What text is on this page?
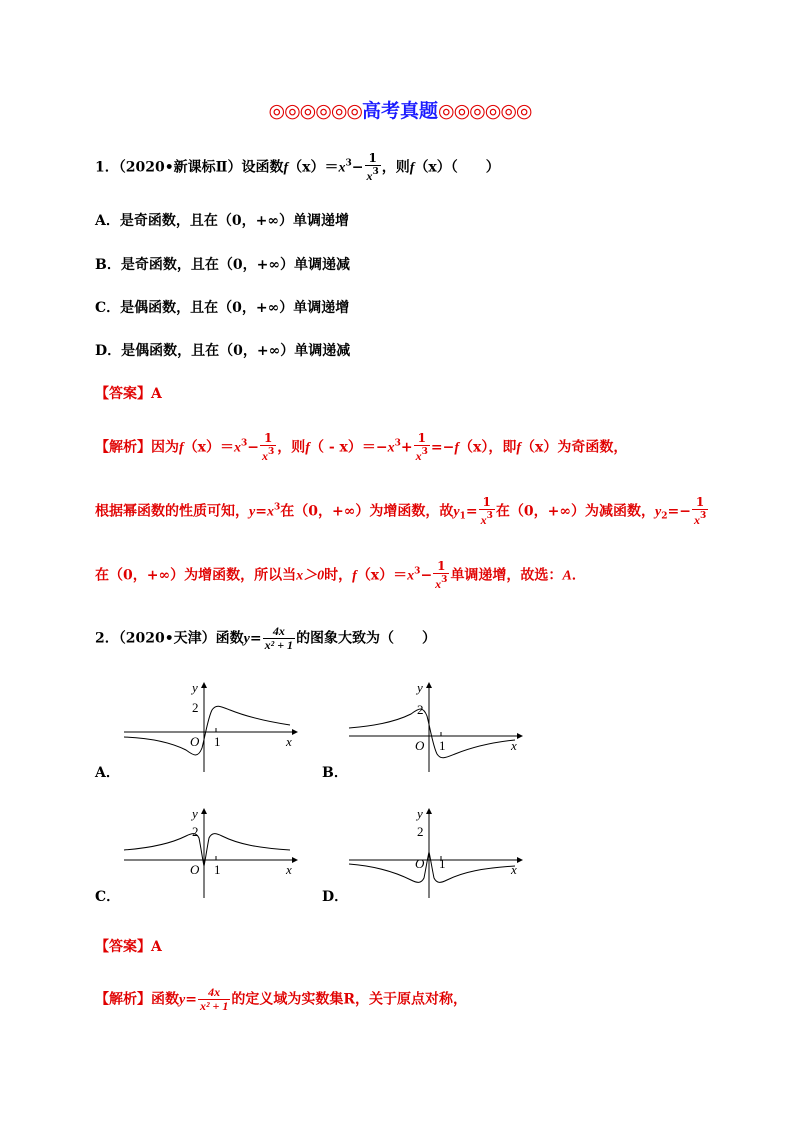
◎◎◎◎◎◎高考真题◎◎◎◎◎◎
1．（2020•新课标Ⅱ）设函数$f(x)=x^3- \frac{1}{x^3}$ ，则f（x）（　　）
A．是奇函数，且在（0，+∞）单调递增
B．是奇函数，且在（0，+∞）单调递减
C．是偶函数，且在（0，+∞）单调递增
D．是偶函数，且在（0，+∞）单调递减
【答案】A
【解析】因为$f(x)=x^3- \frac{1}{x^3}$ ，则$f( - x)=-x^3+ \frac{1}{x^3} =-f(x)$，即f（x）为奇函数，
根据幂函数的性质可知，$y=x^3$在（0，+∞）为增函数，故$y_1= \frac{1}{x^3}$ 在（0，+∞）为减函数，$y_2=- \frac{1}{x^3}$
在（0，+∞）为增函数，所以当x＞0时，$f(x)=x^3- \frac{1}{x^3}$ 单调递增，故选：A．
2．（2020•天津）函数$y= \frac{4x}{\text{x² + 1}}$ 的图象大致为（　　）
A．	B．
C．	D．
y
x
O 1
2
y
x
O 1
2
y
x
O 1
2
y
x
O 1
2
【答案】A
【解析】函数$y= \frac{4x}{\text{x² + 1}}$ 的定义域为实数集R，关于原点对称，
